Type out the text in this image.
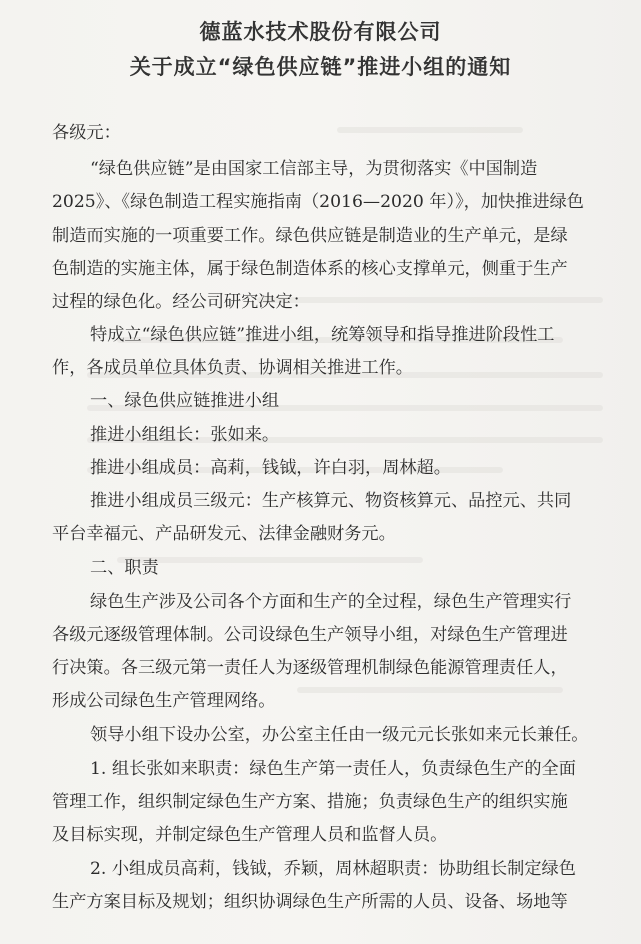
德蓝水技术股份有限公司
关于成立“绿色供应链”推进小组的通知
各级元：
“绿色供应链”是由国家工信部主导，为贯彻落实《中国制造
2025》、《绿色制造工程实施指南（2016—2020 年）》，加快推进绿色
制造而实施的一项重要工作。绿色供应链是制造业的生产单元，是绿
色制造的实施主体，属于绿色制造体系的核心支撑单元，侧重于生产
过程的绿色化。经公司研究决定：
特成立“绿色供应链”推进小组，统筹领导和指导推进阶段性工
作，各成员单位具体负责、协调相关推进工作。
一、绿色供应链推进小组
推进小组组长：张如来。
推进小组成员：高莉，钱钺，许白羽，周林超。
推进小组成员三级元：生产核算元、物资核算元、品控元、共同
平台幸福元、产品研发元、法律金融财务元。
二、职责
绿色生产涉及公司各个方面和生产的全过程，绿色生产管理实行
各级元逐级管理体制。公司设绿色生产领导小组，对绿色生产管理进
行决策。各三级元第一责任人为逐级管理机制绿色能源管理责任人，
形成公司绿色生产管理网络。
领导小组下设办公室，办公室主任由一级元元长张如来元长兼任。
1. 组长张如来职责：绿色生产第一责任人，负责绿色生产的全面
管理工作，组织制定绿色生产方案、措施；负责绿色生产的组织实施
及目标实现，并制定绿色生产管理人员和监督人员。
2. 小组成员高莉，钱钺，乔颖，周林超职责：协助组长制定绿色
生产方案目标及规划；组织协调绿色生产所需的人员、设备、场地等
